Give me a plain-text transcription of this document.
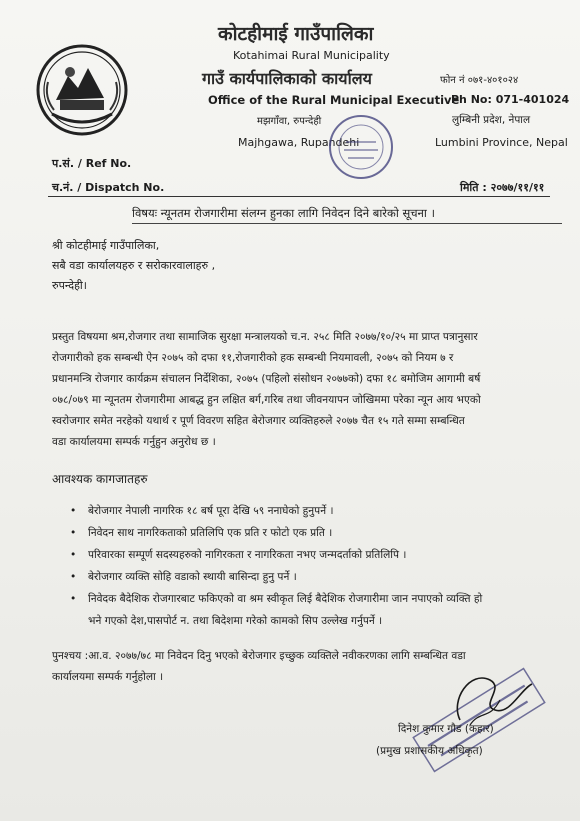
कोटहीमाई गाउँपालिका
Kotahimai Rural Municipality
गाउँ कार्यपालिकाको कार्यालय
Office of the Rural Municipal Executive
मझगाँवा, रुपन्देही
Majhgawa, Rupandehi
फोन नं ०७१-४०१०२४
Ph No: 071-401024
लुम्बिनी प्रदेश, नेपाल
Lumbini Province, Nepal
प.सं. / Ref No.
च.नं. / Dispatch No.	मिति : २०७७/११/११
विषयः न्यूनतम रोजगारीमा संलग्न हुनका लागि निवेदन दिने बारेको सूचना ।
श्री कोटहीमाई गाउँपालिका,
सबै वडा कार्यालयहरु र सरोकारवालाहरु ,
रुपन्देही।
प्रस्तुत विषयमा श्रम,रोजगार तथा सामाजिक सुरक्षा मन्त्रालयको च.न. २५८ मिति २०७७/१०/२५ मा प्राप्त पत्रानुसार
रोजगारीको हक सम्बन्धी ऐन २०७५ को दफा ११,रोजगारीको हक सम्बन्धी नियमावली, २०७५ को नियम ७ र
प्रधानमन्त्रि रोजगार कार्यक्रम संचालन निर्देशिका, २०७५ (पहिलो संसोधन २०७७को) दफा १८ बमोजिम आगामी बर्ष
०७८/०७९ मा न्यूनतम रोजगारीमा आबद्ध हुन लक्षित बर्ग,गरिब तथा जीवनयापन जोखिममा परेका न्यून आय भएको
स्वरोजगार समेत नरहेको यथार्थ र पूर्ण विवरण सहित बेरोजगार व्यक्तिहरुले २०७७ चैत १५ गते सम्मा सम्बन्धित
वडा कार्यालयमा सम्पर्क गर्नुहुन अनुरोध छ ।
आवश्यक कागजातहरु
• बेरोजगार नेपाली नागरिक १८ बर्ष पूरा देखि ५९ ननाघेको हुनुपर्ने ।
• निवेदन साथ नागरिकताको प्रतिलिपि एक प्रति र फोटो एक प्रति ।
• परिवारका सम्पूर्ण सदस्यहरुको नागिरकता र नागरिकता नभए जन्मदर्ताको प्रतिलिपि ।
• बेरोजगार व्यक्ति सोहि वडाको स्थायी बासिन्दा हुनु पर्ने ।
• निवेदक बैदेशिक रोजगारबाट फकिएको वा श्रम स्वीकृत लिई बैदेशिक रोजगारीमा जान नपाएको व्यक्ति हो
भने गएको देश,पासपोर्ट न. तथा बिदेशमा गरेको कामको सिप उल्लेख गर्नुपर्ने ।
पुनश्चय :आ.व. २०७७/७८ मा निवेदन दिनु भएको बेरोजगार इच्छुक व्यक्तिले नवीकरणका लागि सम्बन्धित वडा
कार्यालयमा सम्पर्क गर्नुहोला ।
दिनेश कुमार गौड (कहार)
(प्रमुख प्रशासकीय अधिकृत)
